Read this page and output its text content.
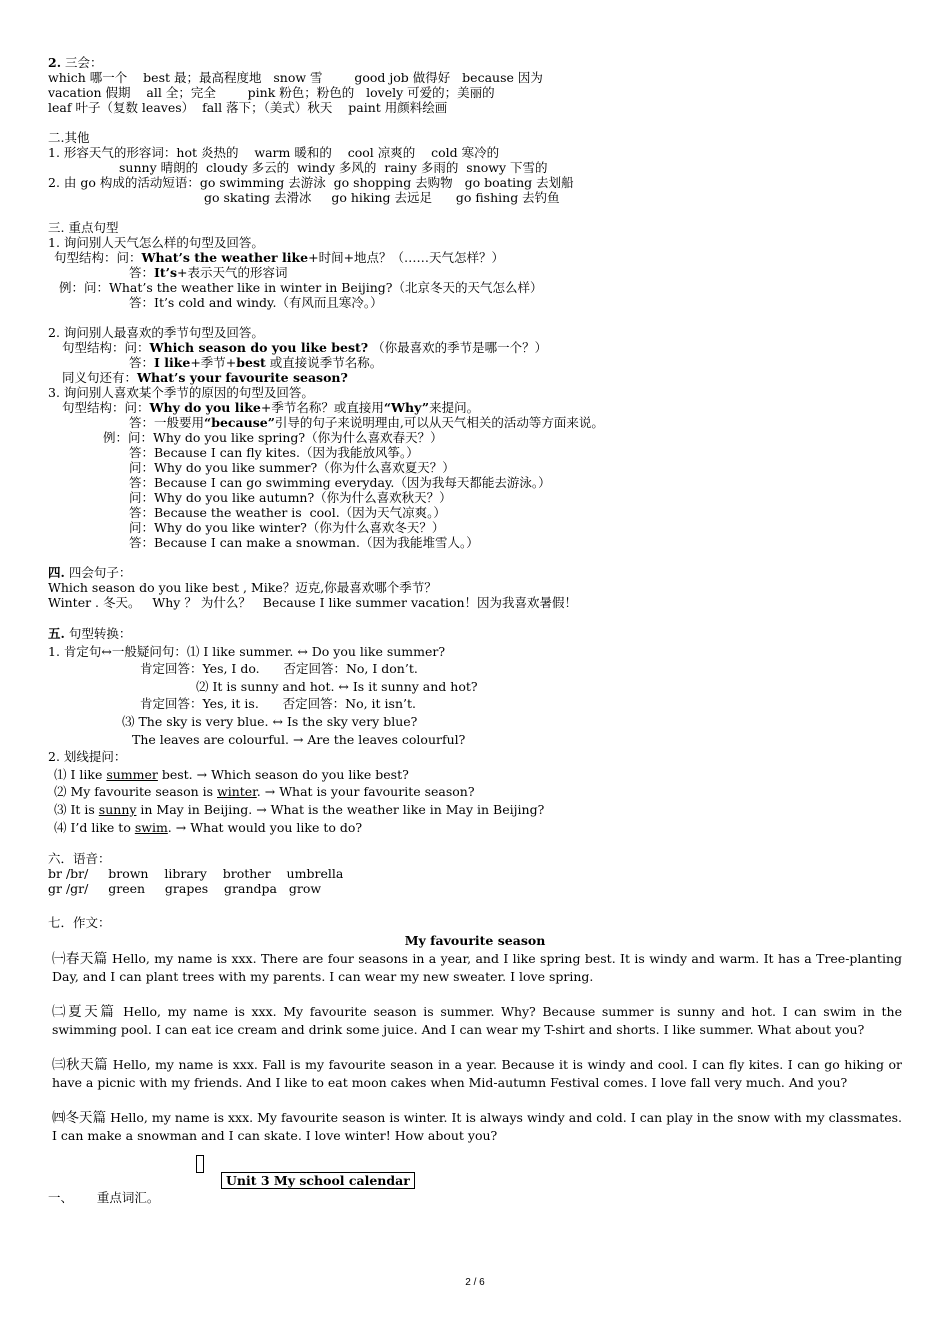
2. 三会：
which 哪一个    best 最；最高程度地   snow 雪        good job 做得好   because 因为
vacation 假期    all 全；完全        pink 粉色；粉色的   lovely 可爱的；美丽的
leaf 叶子（复数 leaves）  fall 落下；（美式）秋天    paint 用颜料绘画
二.其他
1. 形容天气的形容词：hot 炎热的    warm 暖和的    cool 凉爽的    cold 寒冷的
sunny 晴朗的  cloudy 多云的  windy 多风的  rainy 多雨的  snowy 下雪的
2. 由 go 构成的活动短语：go swimming 去游泳  go shopping 去购物   go boating 去划船
go skating 去滑冰     go hiking 去远足      go fishing 去钓鱼
三. 重点句型
1. 询问别人天气怎么样的句型及回答。
句型结构：问：What’s the weather like+时间+地点？（……天气怎样？）
答：It’s+表示天气的形容词
例：问：What’s the weather like in winter in Beijing?（北京冬天的天气怎么样）
答：It’s cold and windy.（有风而且寒冷。）
2. 询问别人最喜欢的季节句型及回答。
句型结构：问：Which season do you like best? （你最喜欢的季节是哪一个？）
答：I like+季节+best 或直接说季节名称。
同义句还有：What’s your favourite season?
3. 询问别人喜欢某个季节的原因的句型及回答。
句型结构：问：Why do you like+季节名称？或直接用“Why”来提问。
答：一般要用“because”引导的句子来说明理由,可以从天气相关的活动等方面来说。
例：问：Why do you like spring?（你为什么喜欢春天？）
答：Because I can fly kites.（因为我能放风筝。）
问：Why do you like summer?（你为什么喜欢夏天？）
答：Because I can go swimming everyday.（因为我每天都能去游泳。）
问：Why do you like autumn?（你为什么喜欢秋天？）
答：Because the weather is  cool.（因为天气凉爽。）
问：Why do you like winter?（你为什么喜欢冬天？）
答：Because I can make a snowman.（因为我能堆雪人。）
四. 四会句子：
Which season do you like best , Mike？迈克,你最喜欢哪个季节？
Winter . 冬天。   Why ？ 为什么？   Because I like summer vacation！因为我喜欢暑假！
五. 句型转换：
1. 肯定句↔一般疑问句：⑴ I like summer. ↔ Do you like summer?
肯定回答：Yes, I do.      否定回答：No, I don’t.
⑵ It is sunny and hot. ↔ Is it sunny and hot?
肯定回答：Yes, it is.      否定回答：No, it isn’t.
⑶ The sky is very blue. ↔ Is the sky very blue?
The leaves are colourful. → Are the leaves colourful?
2. 划线提问：
⑴ I like summer best. → Which season do you like best?
⑵ My favourite season is winter. → What is your favourite season?
⑶ It is sunny in May in Beijing. → What is the weather like in May in Beijing?
⑷ I’d like to swim. → What would you like to do?
六．语音：
br /br/     brown    library    brother    umbrella
gr /gr/     green     grapes    grandpa   grow
七．作文：
My favourite season
㈠春天篇 Hello, my name is xxx. There are four seasons in a year, and I like spring best. It is windy and warm. It has a Tree-planting Day, and I can plant trees with my parents. I can wear my new sweater. I love spring.
㈡夏天篇 Hello, my name is xxx. My favourite season is summer. Why? Because summer is sunny and hot. I can swim in the swimming pool. I can eat ice cream and drink some juice. And I can wear my T-shirt and shorts. I like summer. What about you?
㈢秋天篇 Hello, my name is xxx. Fall is my favourite season in a year. Because it is windy and cool. I can fly kites. I can go hiking or have a picnic with my friends. And I like to eat moon cakes when Mid-autumn Festival comes. I love fall very much. And you?
㈣冬天篇 Hello, my name is xxx. My favourite season is winter. It is always windy and cold. I can play in the snow with my classmates. I can make a snowman and I can skate. I love winter! How about you?
Unit 3 My school calendar
一、      重点词汇。
2 / 6
